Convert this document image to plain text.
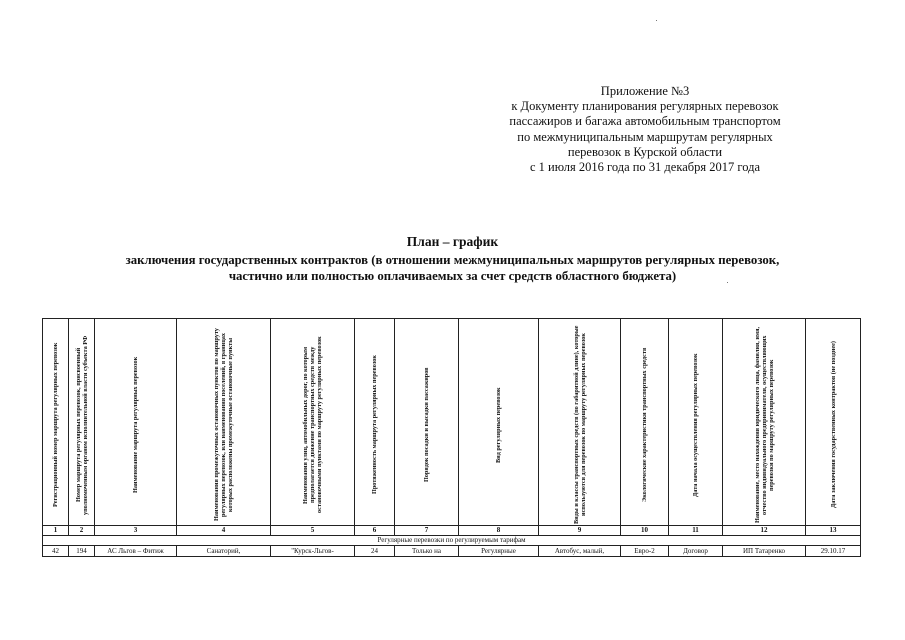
Приложение №3
к Документу планирования регулярных перевозок
пассажиров и багажа автомобильным транспортом
по межмуниципальным маршрутам регулярных
перевозок в Курской области
с 1 июля 2016 года по 31 декабря 2017 года
План – график
заключения государственных контрактов (в отношении межмуниципальных маршрутов регулярных перевозок,
частично или полностью оплачиваемых за счет средств областного бюджета)
Регистрационный номер маршрута регулярных перевозок	Номер маршрута регулярных перевозок, присвоенный уполномоченным органом исполнительной власти субъекта РФ	Наименование маршрута регулярных перевозок	Наименования промежуточных остановочных пунктов по маршруту регулярных перевозок, или наименования поселений, в границах которых расположены промежуточные остановочные пункты	Наименования улиц, автомобильных дорог, по которым предполагается движение транспортных средств между остановочными пунктами по маршруту регулярных перевозок	Протяженность маршрута регулярных перевозок	Порядок посадки и высадки пассажиров	Вид регулярных перевозок	Виды и классы транспортных средств (по габаритной длине), которые используются для перевозок по маршруту регулярных перевозок	Экологические характеристики транспортных средств	Дата начала осуществления регулярных перевозок	Наименование, место нахождения юридического лица, фамилия, имя, отчество индивидуального предпринимателя, осуществляющих перевозки по маршруту регулярных перевозок	Дата заключения государственных контрактов (не позднее)

1	2	3	4	5	6	7	8	9	10	11	12	13
Регулярные перевозки по регулируемым тарифам												
42	194	АС Льгов – Фитиж	Санаторий,	"Курск-Льгов-	24	Только на	Регулярные	Автобус, малый,	Евро-2	Договор	ИП Татаренко	29.10.17
